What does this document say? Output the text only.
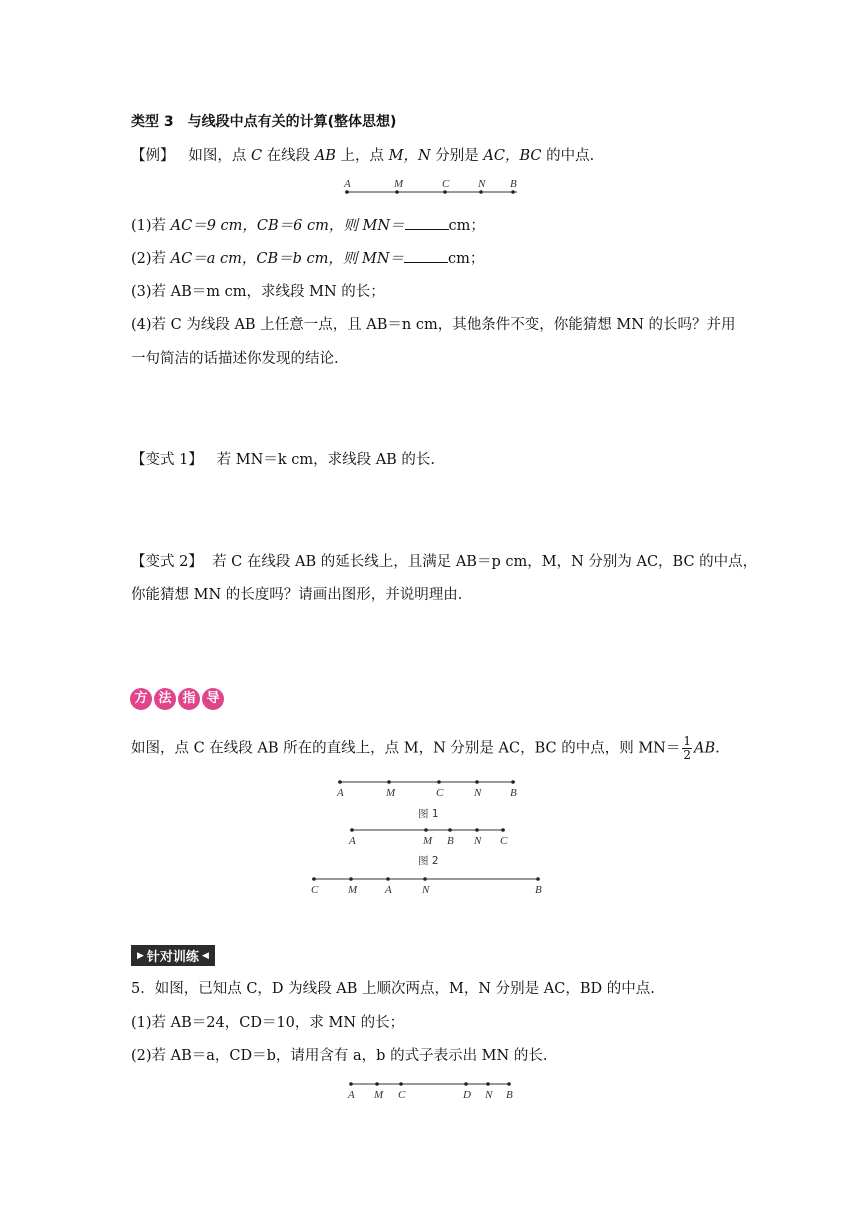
类型 3　与线段中点有关的计算(整体思想)
【例】 如图，点 C 在线段 AB 上，点 M，N 分别是 AC，BC 的中点.
A	M	C	N B
(1)若 AC＝9 cm，CB＝6 cm，则 MN＝	cm；
(2)若 AC＝a cm，CB＝b cm，则 MN＝	cm；
(3)若 AB＝m cm，求线段 MN 的长；
(4)若 C 为线段 AB 上任意一点，且 AB＝n cm，其他条件不变，你能猜想 MN 的长吗？并用
一句简洁的话描述你发现的结论.
【变式 1】 若 MN＝k cm，求线段 AB 的长.
【变式 2】 若 C 在线段 AB 的延长线上，且满足 AB＝p cm，M，N 分别为 AC，BC 的中点，
你能猜想 MN 的长度吗？请画出图形，并说明理由.
方 法 指 导
如图，点 C 在线段 AB 所在的直线上，点 M，N 分别是 AC，BC 的中点，则 $MN= \frac{1}{2}$ AB.
A	M	C	N	B
图 1
A	M B N C
图 2
C	M	A	N	B
▶ 针对训练 ◀
5．如图，已知点 C，D 为线段 AB 上顺次两点，M，N 分别是 AC，BD 的中点.
(1)若 AB＝24，CD＝10，求 MN 的长；
(2)若 AB＝a，CD＝b，请用含有 a，b 的式子表示出 MN 的长.
A M C	D N B
